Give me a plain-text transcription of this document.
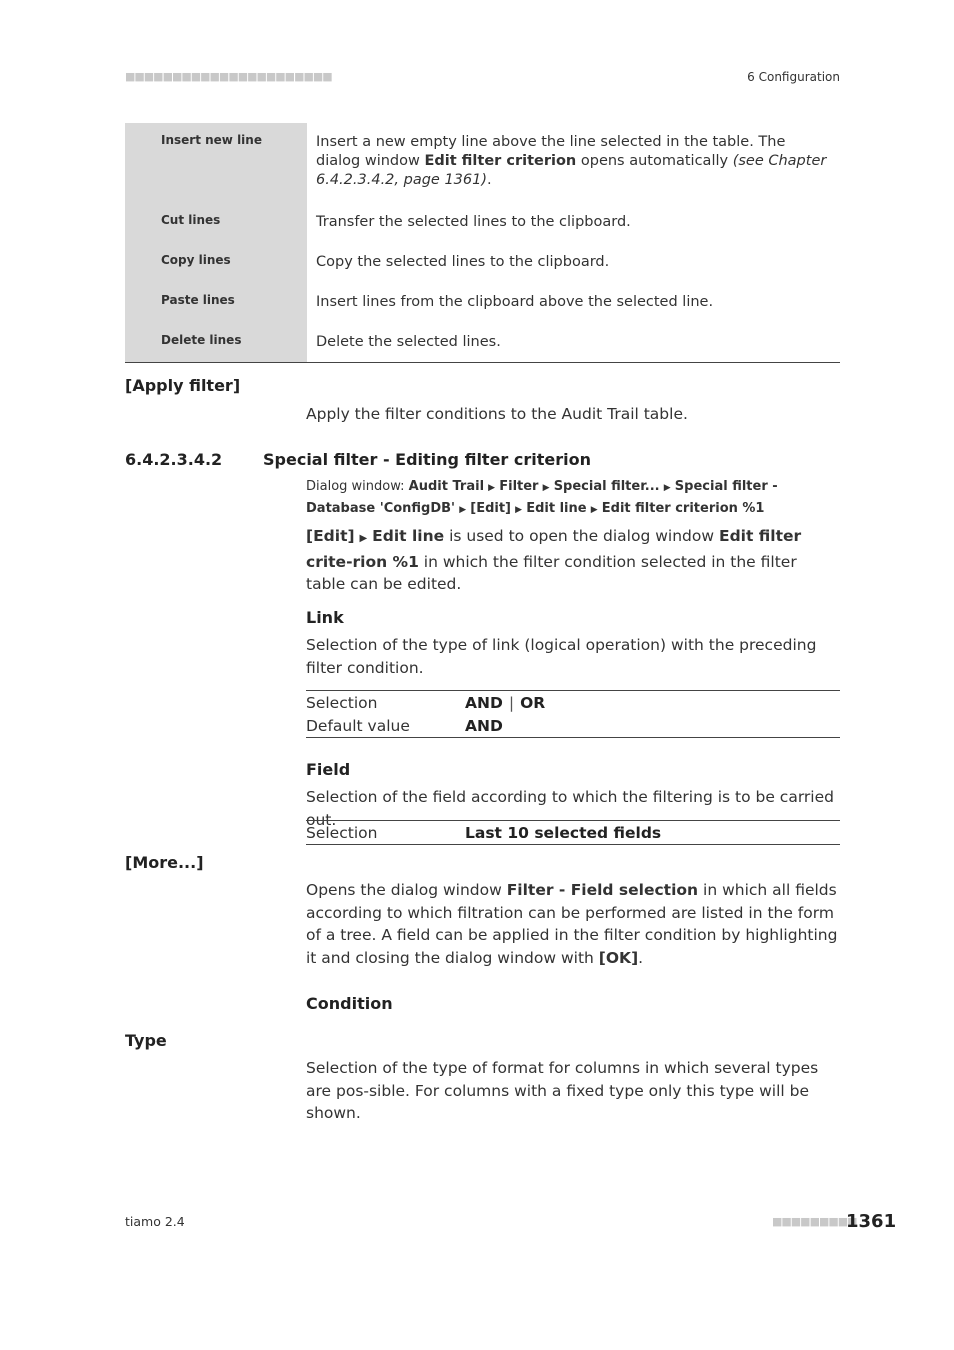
■■■■■■■■■■■■■■■■■■■■■■	6 Configuration
Insert new line	Insert a new empty line above the line selected in the table. The dialog window Edit filter criterion opens automatically (see Chapter 6.4.2.3.4.2, page 1361).
Cut lines	Transfer the selected lines to the clipboard.
Copy lines	Copy the selected lines to the clipboard.
Paste lines	Insert lines from the clipboard above the selected line.
Delete lines	Delete the selected lines.
[Apply filter]
Apply the filter conditions to the Audit Trail table.
6.4.2.3.4.2	Special filter - Editing filter criterion
Dialog window: Audit Trail ▶ Filter ▶ Special filter... ▶ Special filter - Database 'ConfigDB' ▶ [Edit] ▶ Edit line ▶ Edit filter criterion %1
[Edit] ▶ Edit line is used to open the dialog window Edit filter crite-rion %1 in which the filter condition selected in the filter table can be edited.
Link
Selection of the type of link (logical operation) with the preceding filter condition.
Selection	AND | OR
Default value	AND
Field
Selection of the field according to which the filtering is to be carried out.
Selection	Last 10 selected fields
[More...]
Opens the dialog window Filter - Field selection in which all fields according to which filtration can be performed are listed in the form of a tree. A field can be applied in the filter condition by highlighting it and closing the dialog window with [OK].
Condition
Type
Selection of the type of format for columns in which several types are pos-sible. For columns with a fixed type only this type will be shown.
tiamo 2.4	■■■■■■■■■
1361
